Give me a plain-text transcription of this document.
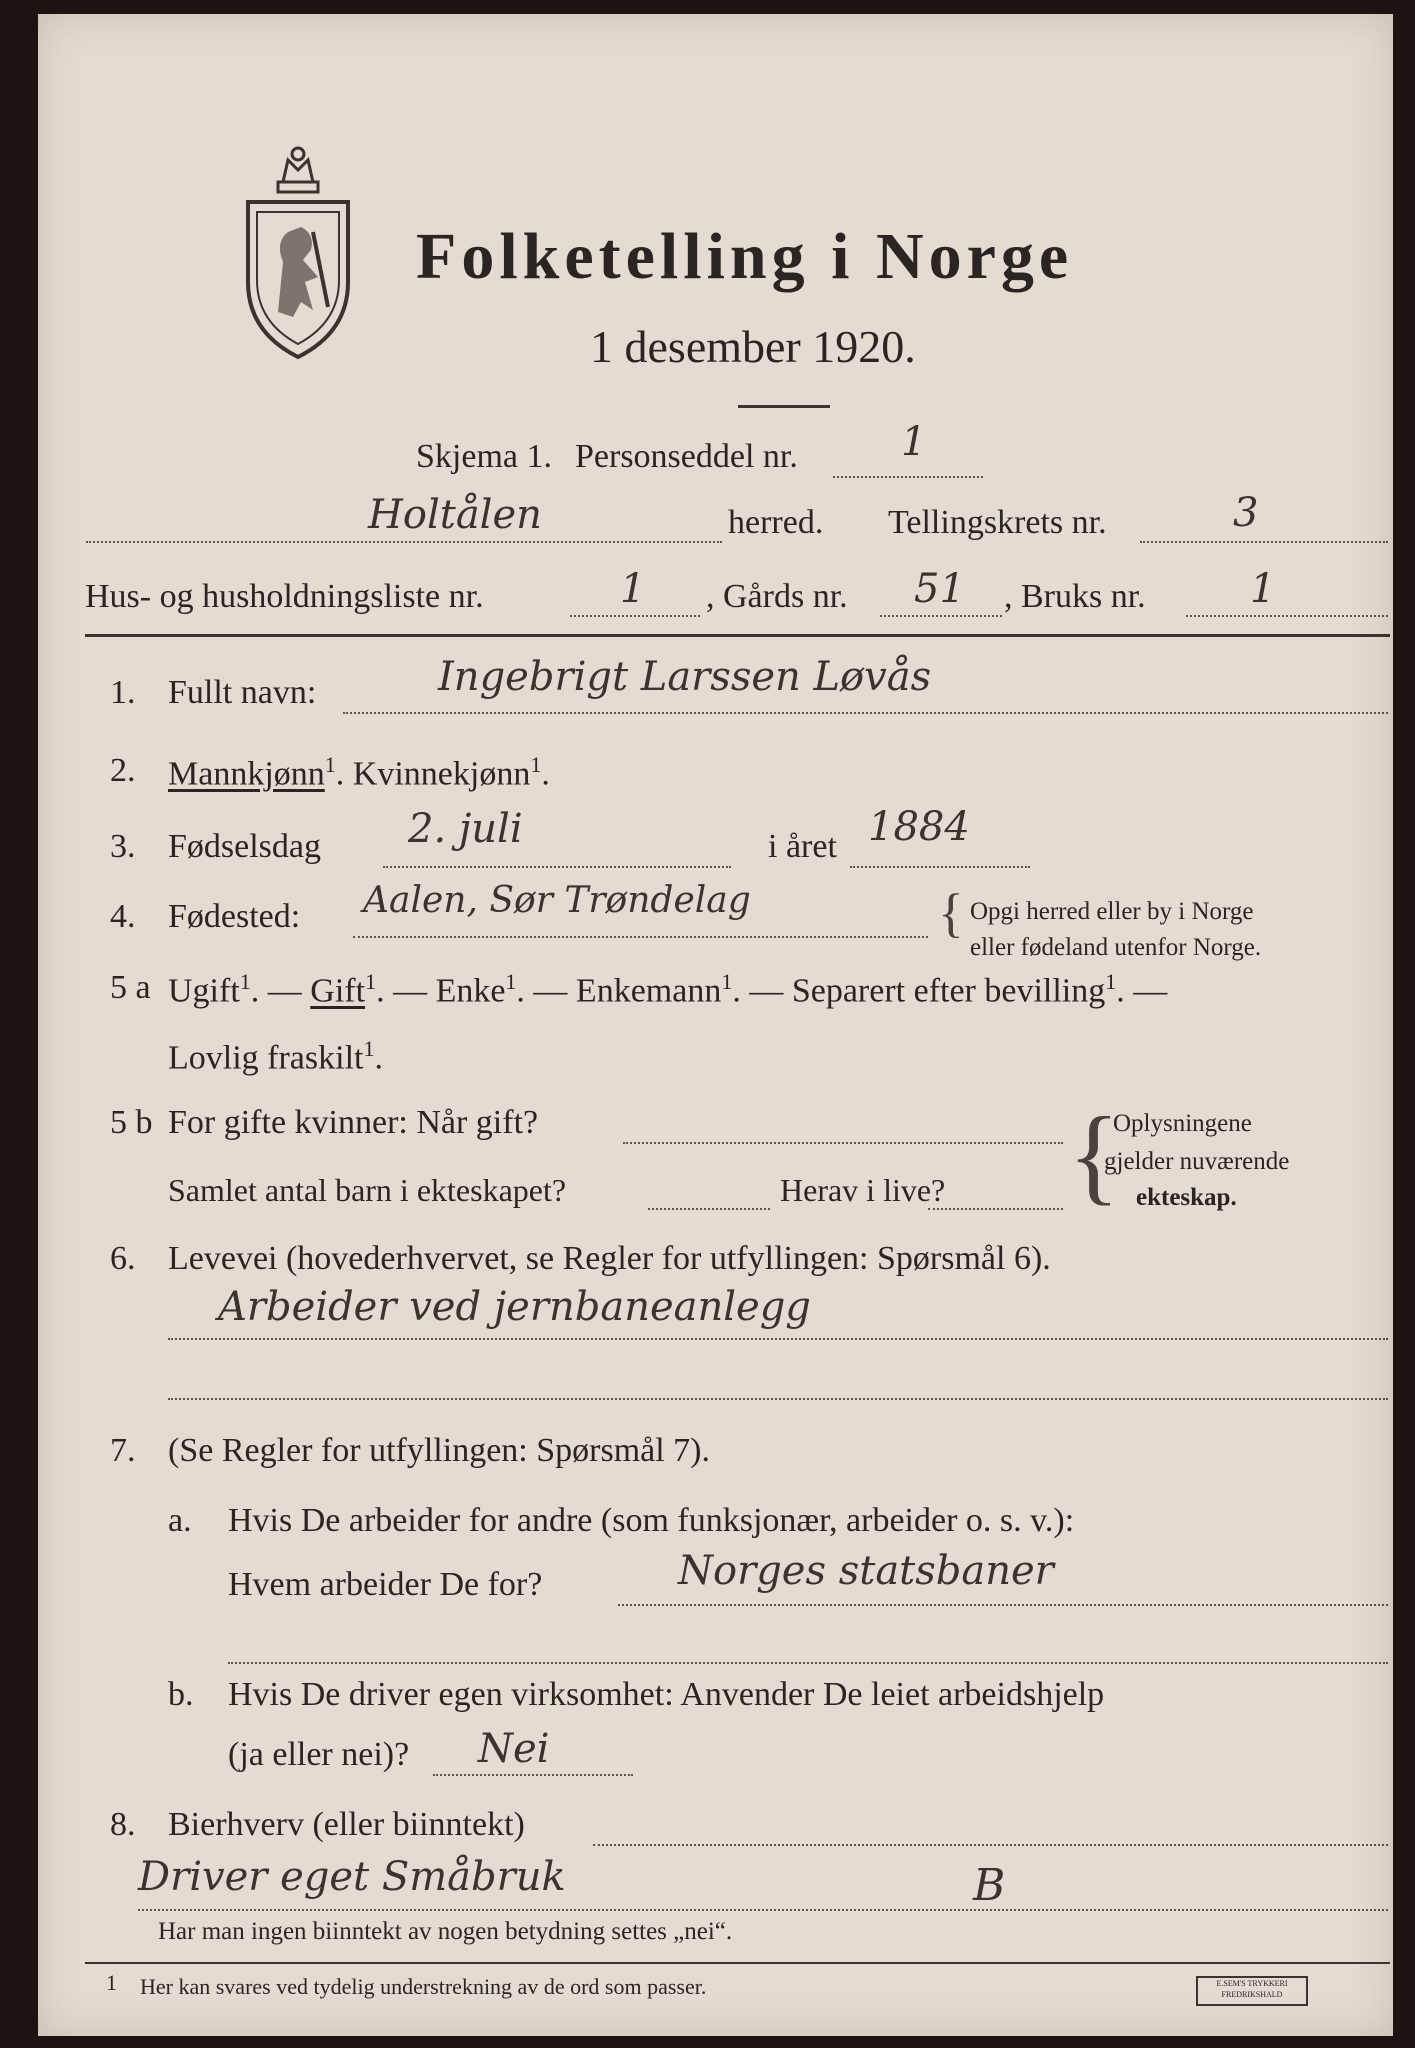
Folketelling i Norge
1 desember 1920.
Skjema 1. Personseddel nr.	1
Holtålen	herred. Tellingskrets nr.	3
Hus- og husholdningsliste nr.	1 , Gårds nr. 51 , Bruks nr.	1
1. Fullt navn:	Ingebrigt Larssen Løvås
2. Mannkjønn$^1$. Kvinnekjønn$^1$.
3. Fødselsdag 2. juli	i året 1884
4. Fødested: Aalen, Sør Trøndelag	{ Opgi herred eller by i Norge
eller fødeland utenfor Norge.
5 a Ugift$^1$. — Gift$^1$. — Enke$^1$. — Enkemann$^1$. — Separert efter bevilling$^1$. —
Lovlig fraskilt$^1$.
5 b For gifte kvinner: Når gift?
Samlet antal barn i ekteskapet?	Herav i live? {
Oplysningene
gjelder nuværende
ekteskap.
6. Levevei (hovederhvervet, se Regler for utfyllingen: Spørsmål 6).
Arbeider ved jernbaneanlegg
7. (Se Regler for utfyllingen: Spørsmål 7).
a. Hvis De arbeider for andre (som funksjonær, arbeider o. s. v.):
Hvem arbeider De for?	Norges statsbaner
b. Hvis De driver egen virksomhet: Anvender De leiet arbeidshjelp
(ja eller nei)? Nei
8. Bierhverv (eller biinntekt)
Driver eget Småbruk	B
Har man ingen biinntekt av nogen betydning settes „nei“.
1 Her kan svares ved tydelig understrekning av de ord som passer.	E.SEM'S TRYKKERI
FREDRIKSHALD
